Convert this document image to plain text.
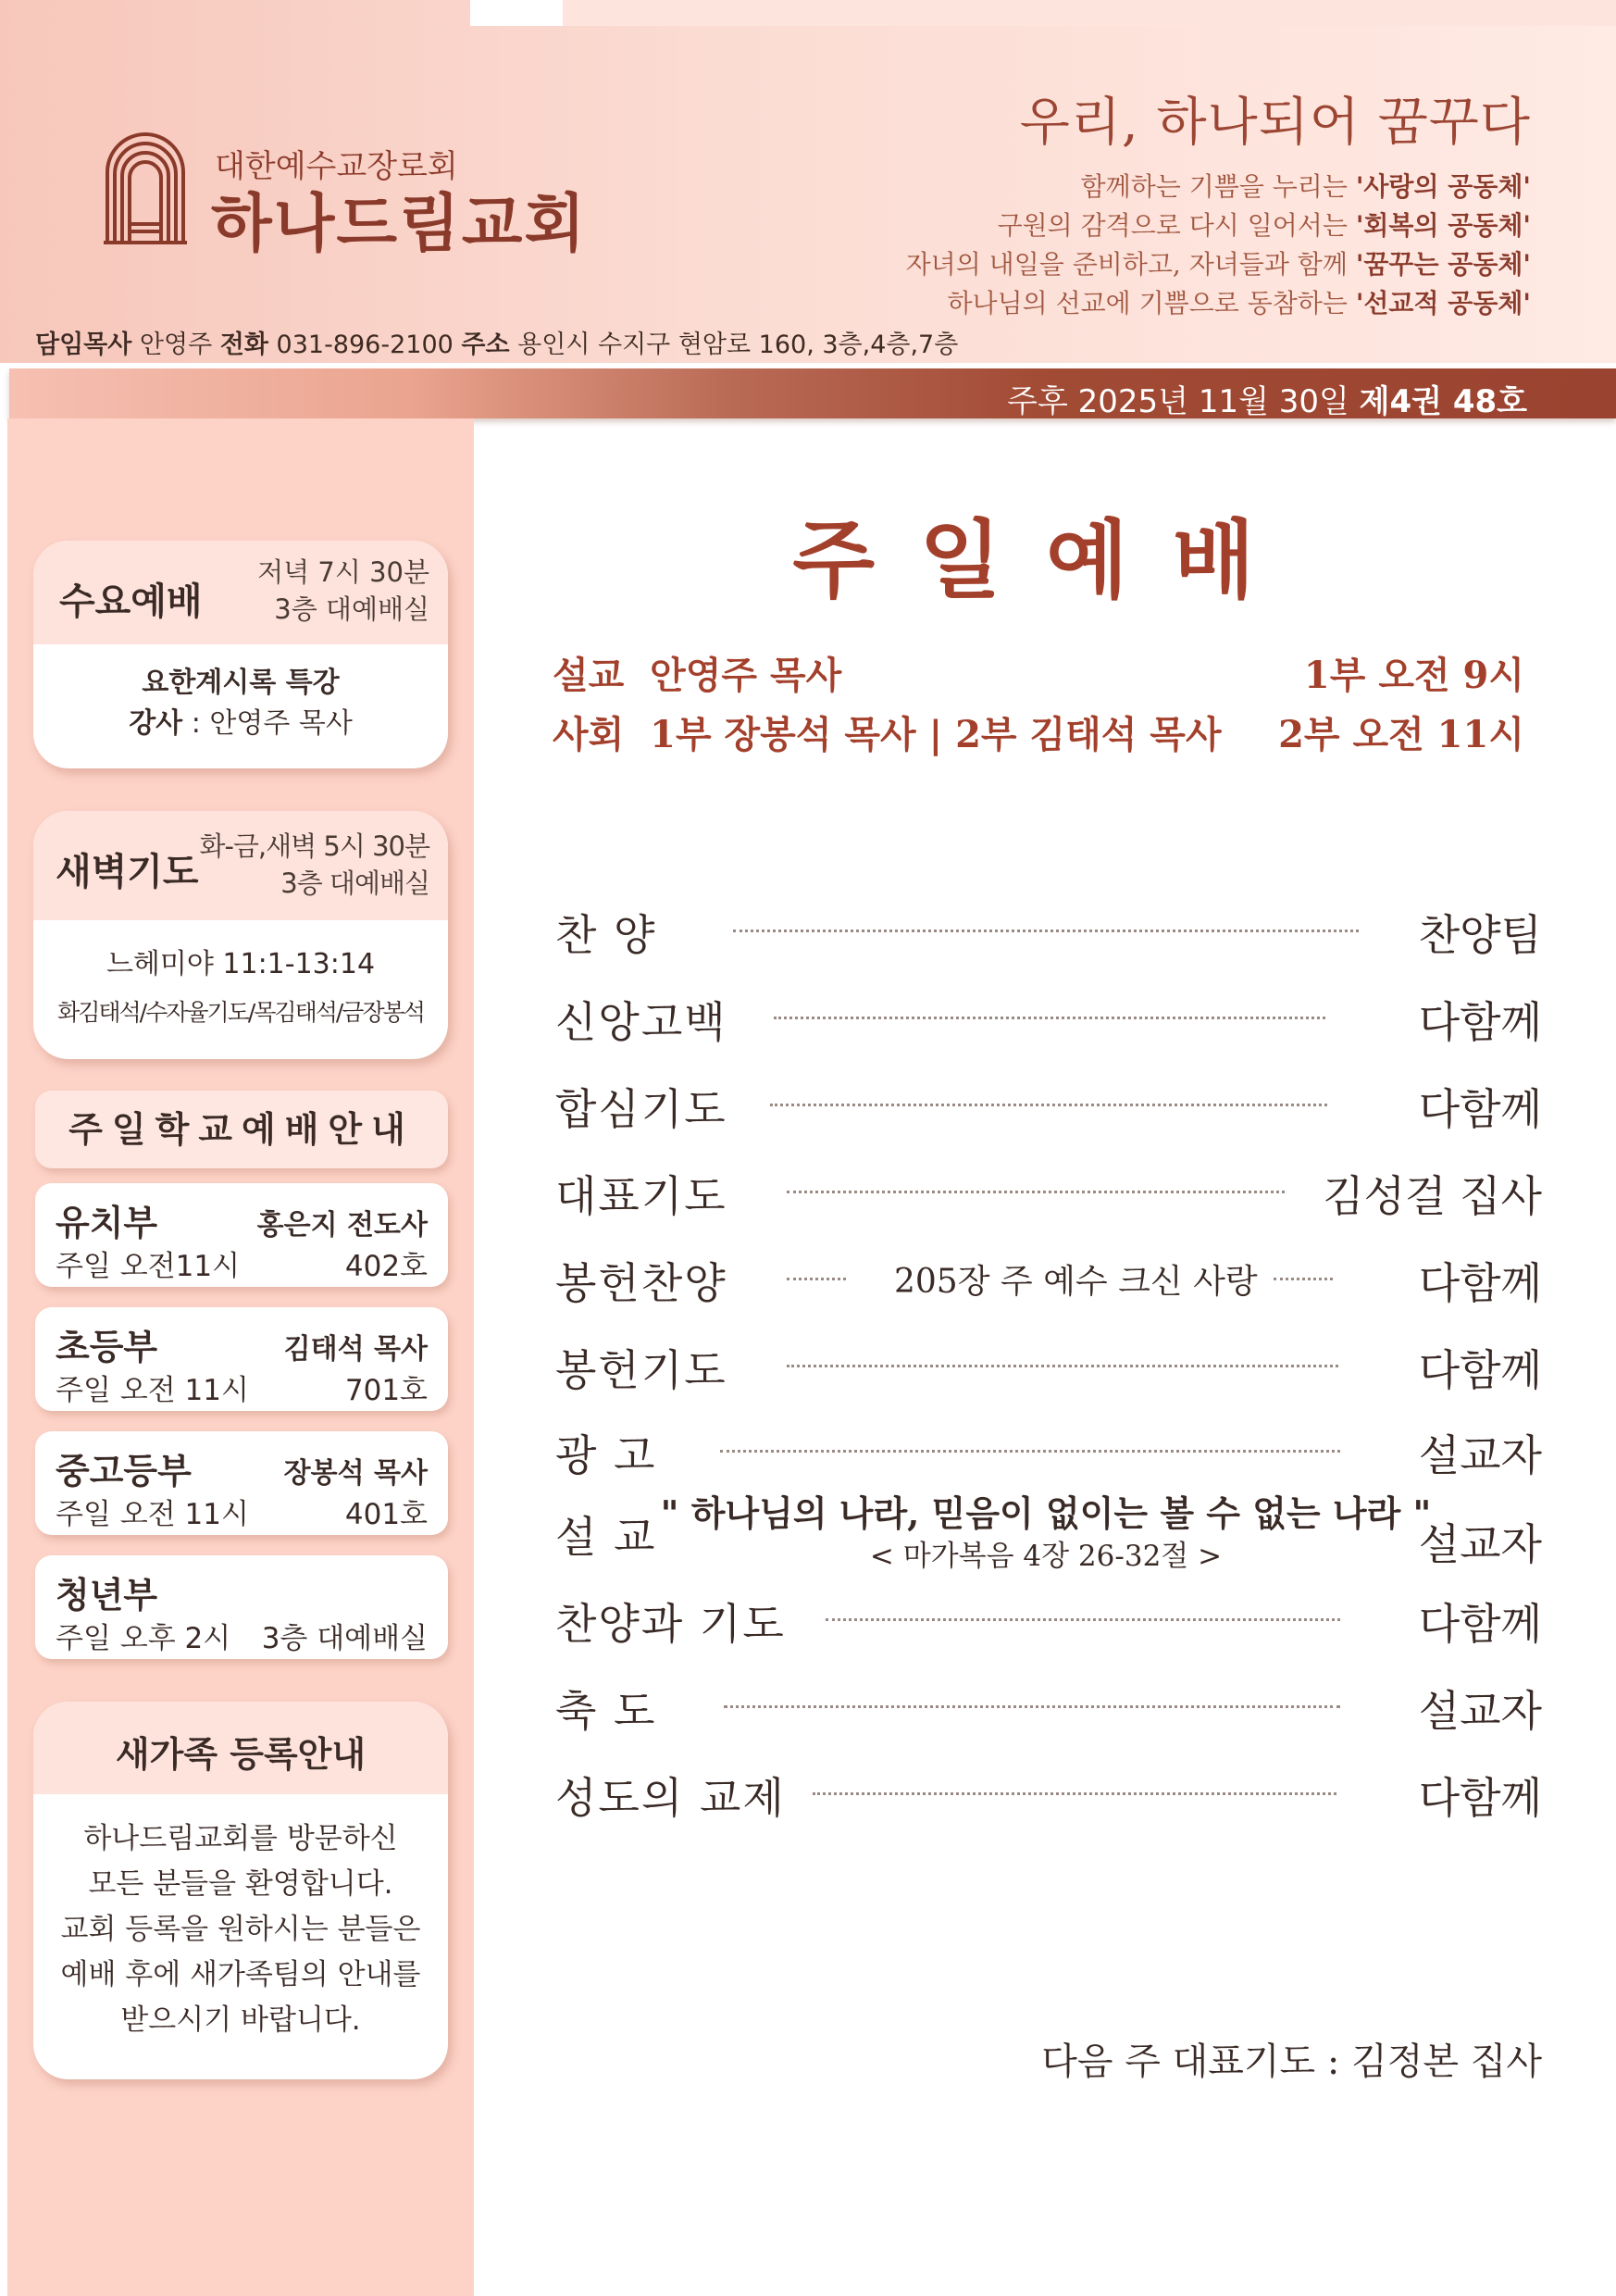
대한예수교장로회
하나드림교회
우리, 하나되어 꿈꾸다
함께하는 기쁨을 누리는 '사랑의 공동체'
구원의 감격으로 다시 일어서는 '회복의 공동체'
자녀의 내일을 준비하고, 자녀들과 함께 '꿈꾸는 공동체'
하나님의 선교에 기쁨으로 동참하는 '선교적 공동체'
담임목사 안영주 전화 031-896-2100 주소 용인시 수지구 현암로 160, 3층,4층,7층
주후 2025년 11월 30일 제4권 48호
수요예배
저녁 7시 30분
3층 대예배실
요한계시록 특강
강사 : 안영주 목사
새벽기도
화-금,새벽 5시 30분
3층 대예배실
느헤미야 11:1-13:14
화김태석/수자율기도/목김태석/금장봉석
주일학교예배안내
유치부	홍은지 전도사
주일 오전11시	402호
초등부	김태석 목사
주일 오전 11시	701호
중고등부	장봉석 목사
주일 오전 11시	401호
청년부
주일 오후 2시 3층 대예배실
새가족 등록안내
하나드림교회를 방문하신
모든 분들을 환영합니다.
교회 등록을 원하시는 분들은
예배 후에 새가족팀의 안내를
받으시기 바랍니다.
주일예배
설교 안영주 목사	1부 오전 9시
사회 1부 장봉석 목사 | 2부 김태석 목사 2부 오전 11시
찬 양	찬양팀
신앙고백	다함께
합심기도	다함께
대표기도	김성걸 집사
봉헌찬양	205장 주 예수 크신 사랑	다함께
봉헌기도	다함께
광 고	설교자
설 교	설교자
" 하나님의 나라, 믿음이 없이는 볼 수 없는 나라 "
< 마가복음 4장 26-32절 >
찬양과 기도	다함께
축 도	설교자
성도의 교제	다함께
다음 주 대표기도 : 김정본 집사
